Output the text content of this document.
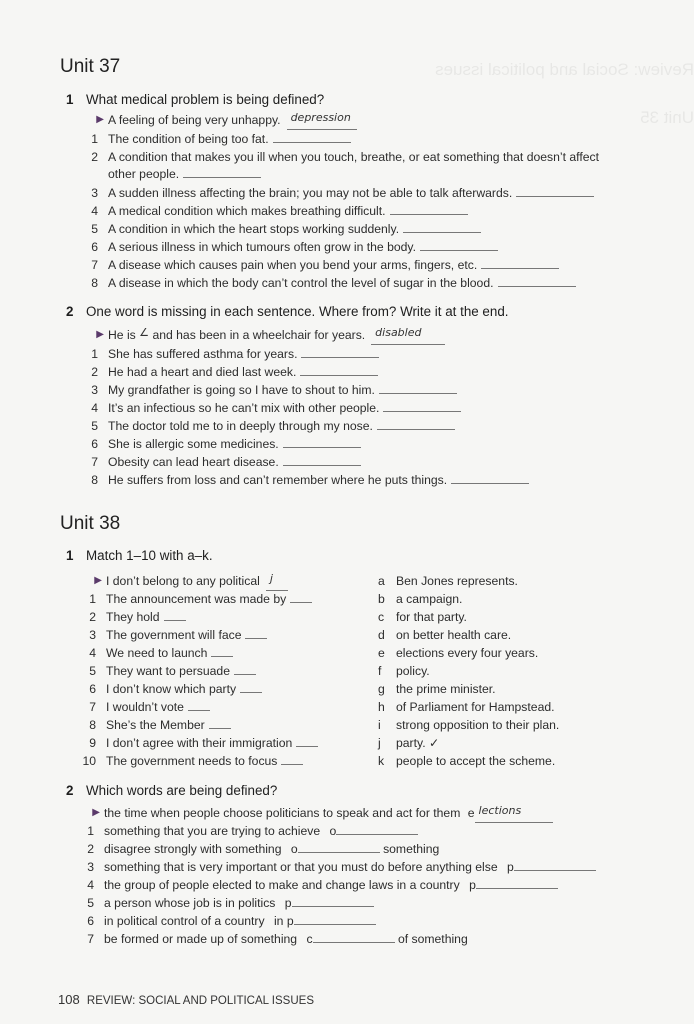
Review: Social and political issues
Unit 35
Unit 37
1 What medical problem is being defined?
▶ A feeling of being very unhappy. depression
1 The condition of being too fat.
2 A condition that makes you ill when you touch, breathe, or eat something that doesn’t affect
other people.
3 A sudden illness affecting the brain; you may not be able to talk afterwards.
4 A medical condition which makes breathing difficult.
5 A condition in which the heart stops working suddenly.
6 A serious illness in which tumours often grow in the body.
7 A disease which causes pain when you bend your arms, fingers, etc.
8 A disease in which the body can’t control the level of sugar in the blood.
2 One word is missing in each sentence. Where from? Write it at the end.
▶ He is ∠ and has been in a wheelchair for years. disabled
1 She has suffered asthma for years.
2 He had a heart and died last week.
3 My grandfather is going so I have to shout to him.
4 It’s an infectious so he can’t mix with other people.
5 The doctor told me to in deeply through my nose.
6 She is allergic some medicines.
7 Obesity can lead heart disease.
8 He suffers from loss and can’t remember where he puts things.
Unit 38
1 Match 1–10 with a–k.
▶ I don’t belong to any political j
1 The announcement was made by
2 They hold
3 The government will face
4 We need to launch
5 They want to persuade
6 I don’t know which party
7 I wouldn’t vote
8 She’s the Member
9 I don’t agree with their immigration
10 The government needs to focus
a Ben Jones represents.
b a campaign.
c for that party.
d on better health care.
e elections every four years.
f policy.
g the prime minister.
h of Parliament for Hampstead.
i strong opposition to their plan.
j party. ✓
k people to accept the scheme.
2 Which words are being defined?
▶ the time when people choose politicians to speak and act for them e lections
1 something that you are trying to achieve o
2 disagree strongly with something o	something
3 something that is very important or that you must do before anything else p
4 the group of people elected to make and change laws in a country p
5 a person whose job is in politics p
6 in political control of a country in p
7 be formed or made up of something c	of something
108 REVIEW: SOCIAL AND POLITICAL ISSUES
